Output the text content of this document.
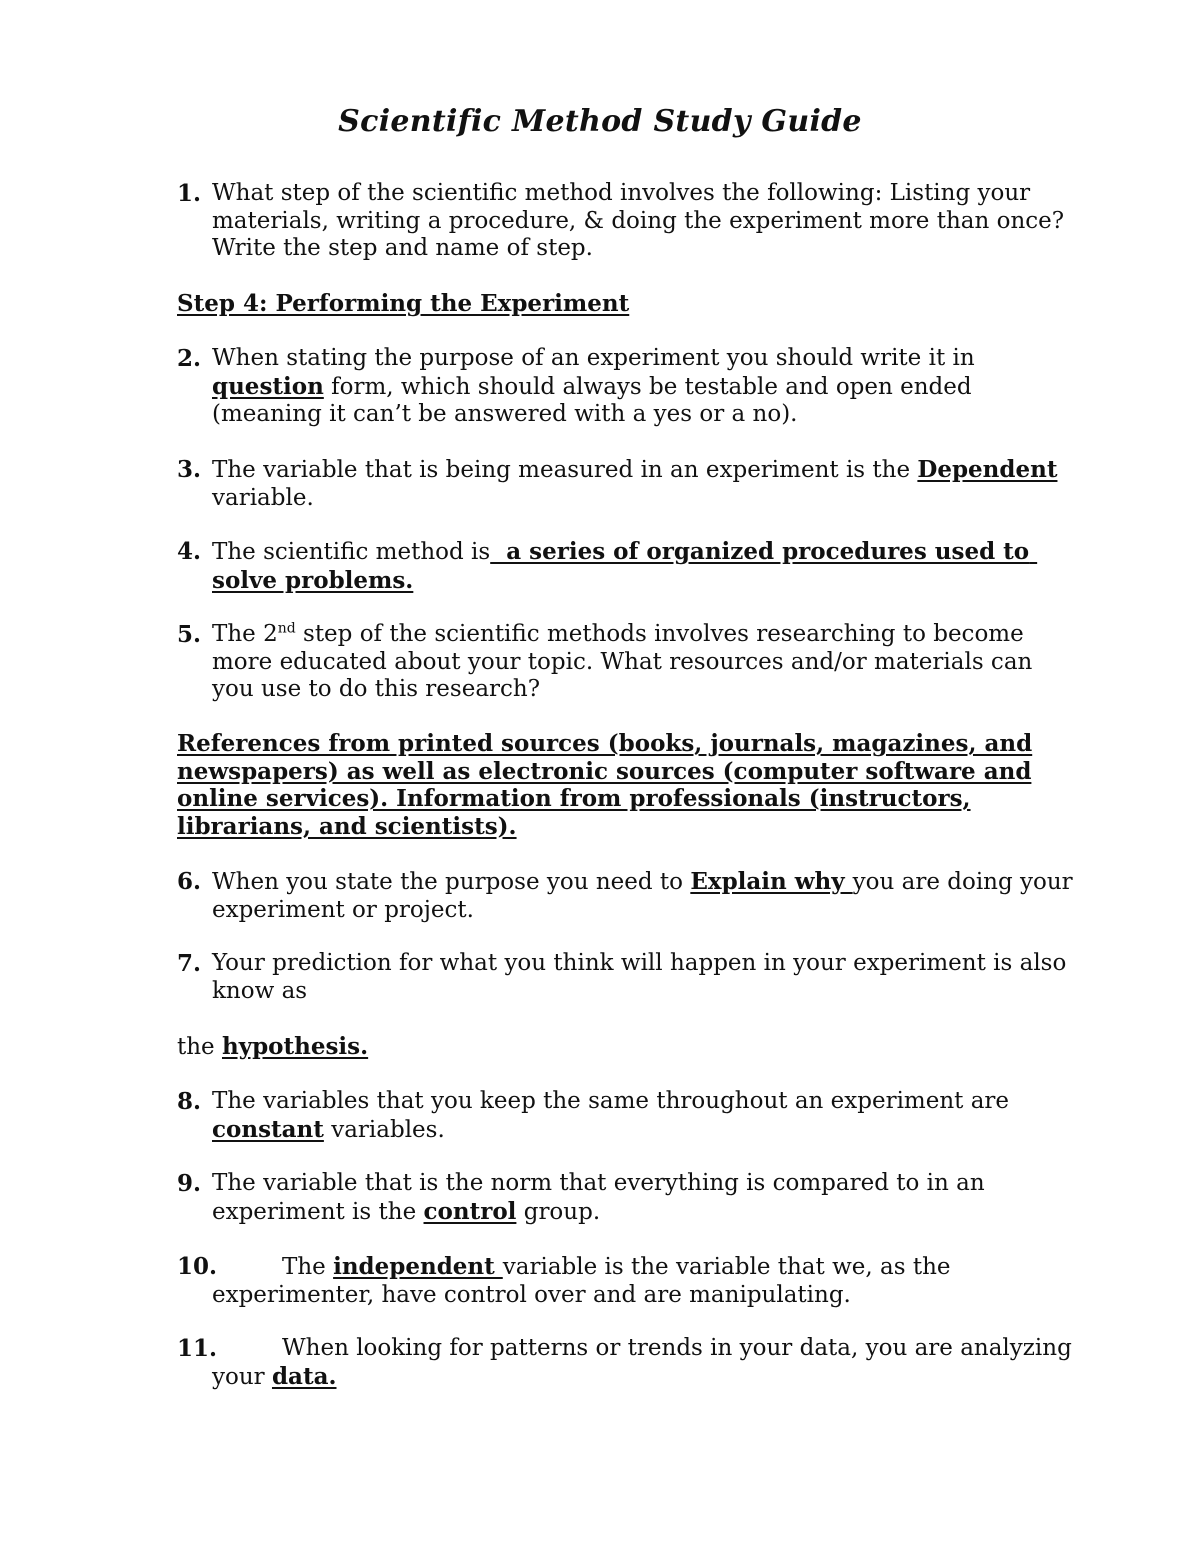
Scientific Method Study Guide
1. What step of the scientific method involves the following: Listing your materials, writing a procedure, & doing the experiment more than once? Write the step and name of step.
Step 4: Performing the Experiment
2. When stating the purpose of an experiment you should write it in question form, which should always be testable and open ended (meaning it can’t be answered with a yes or a no).
3. The variable that is being measured in an experiment is the Dependent variable.
4. The scientific method is  a series of organized procedures used to solve problems.
5. The 2nd step of the scientific methods involves researching to become more educated about your topic. What resources and/or materials can you use to do this research?
References from printed sources (books, journals, magazines, and newspapers) as well as electronic sources (computer software and online services). Information from professionals (instructors, librarians, and scientists).
6. When you state the purpose you need to Explain why you are doing your experiment or project.
7. Your prediction for what you think will happen in your experiment is also know as
the hypothesis.
8. The variables that you keep the same throughout an experiment are constant variables.
9. The variable that is the norm that everything is compared to in an experiment is the control group.
10.	The independent variable is the variable that we, as the experimenter, have control over and are manipulating.
11.	When looking for patterns or trends in your data, you are analyzing your data.
